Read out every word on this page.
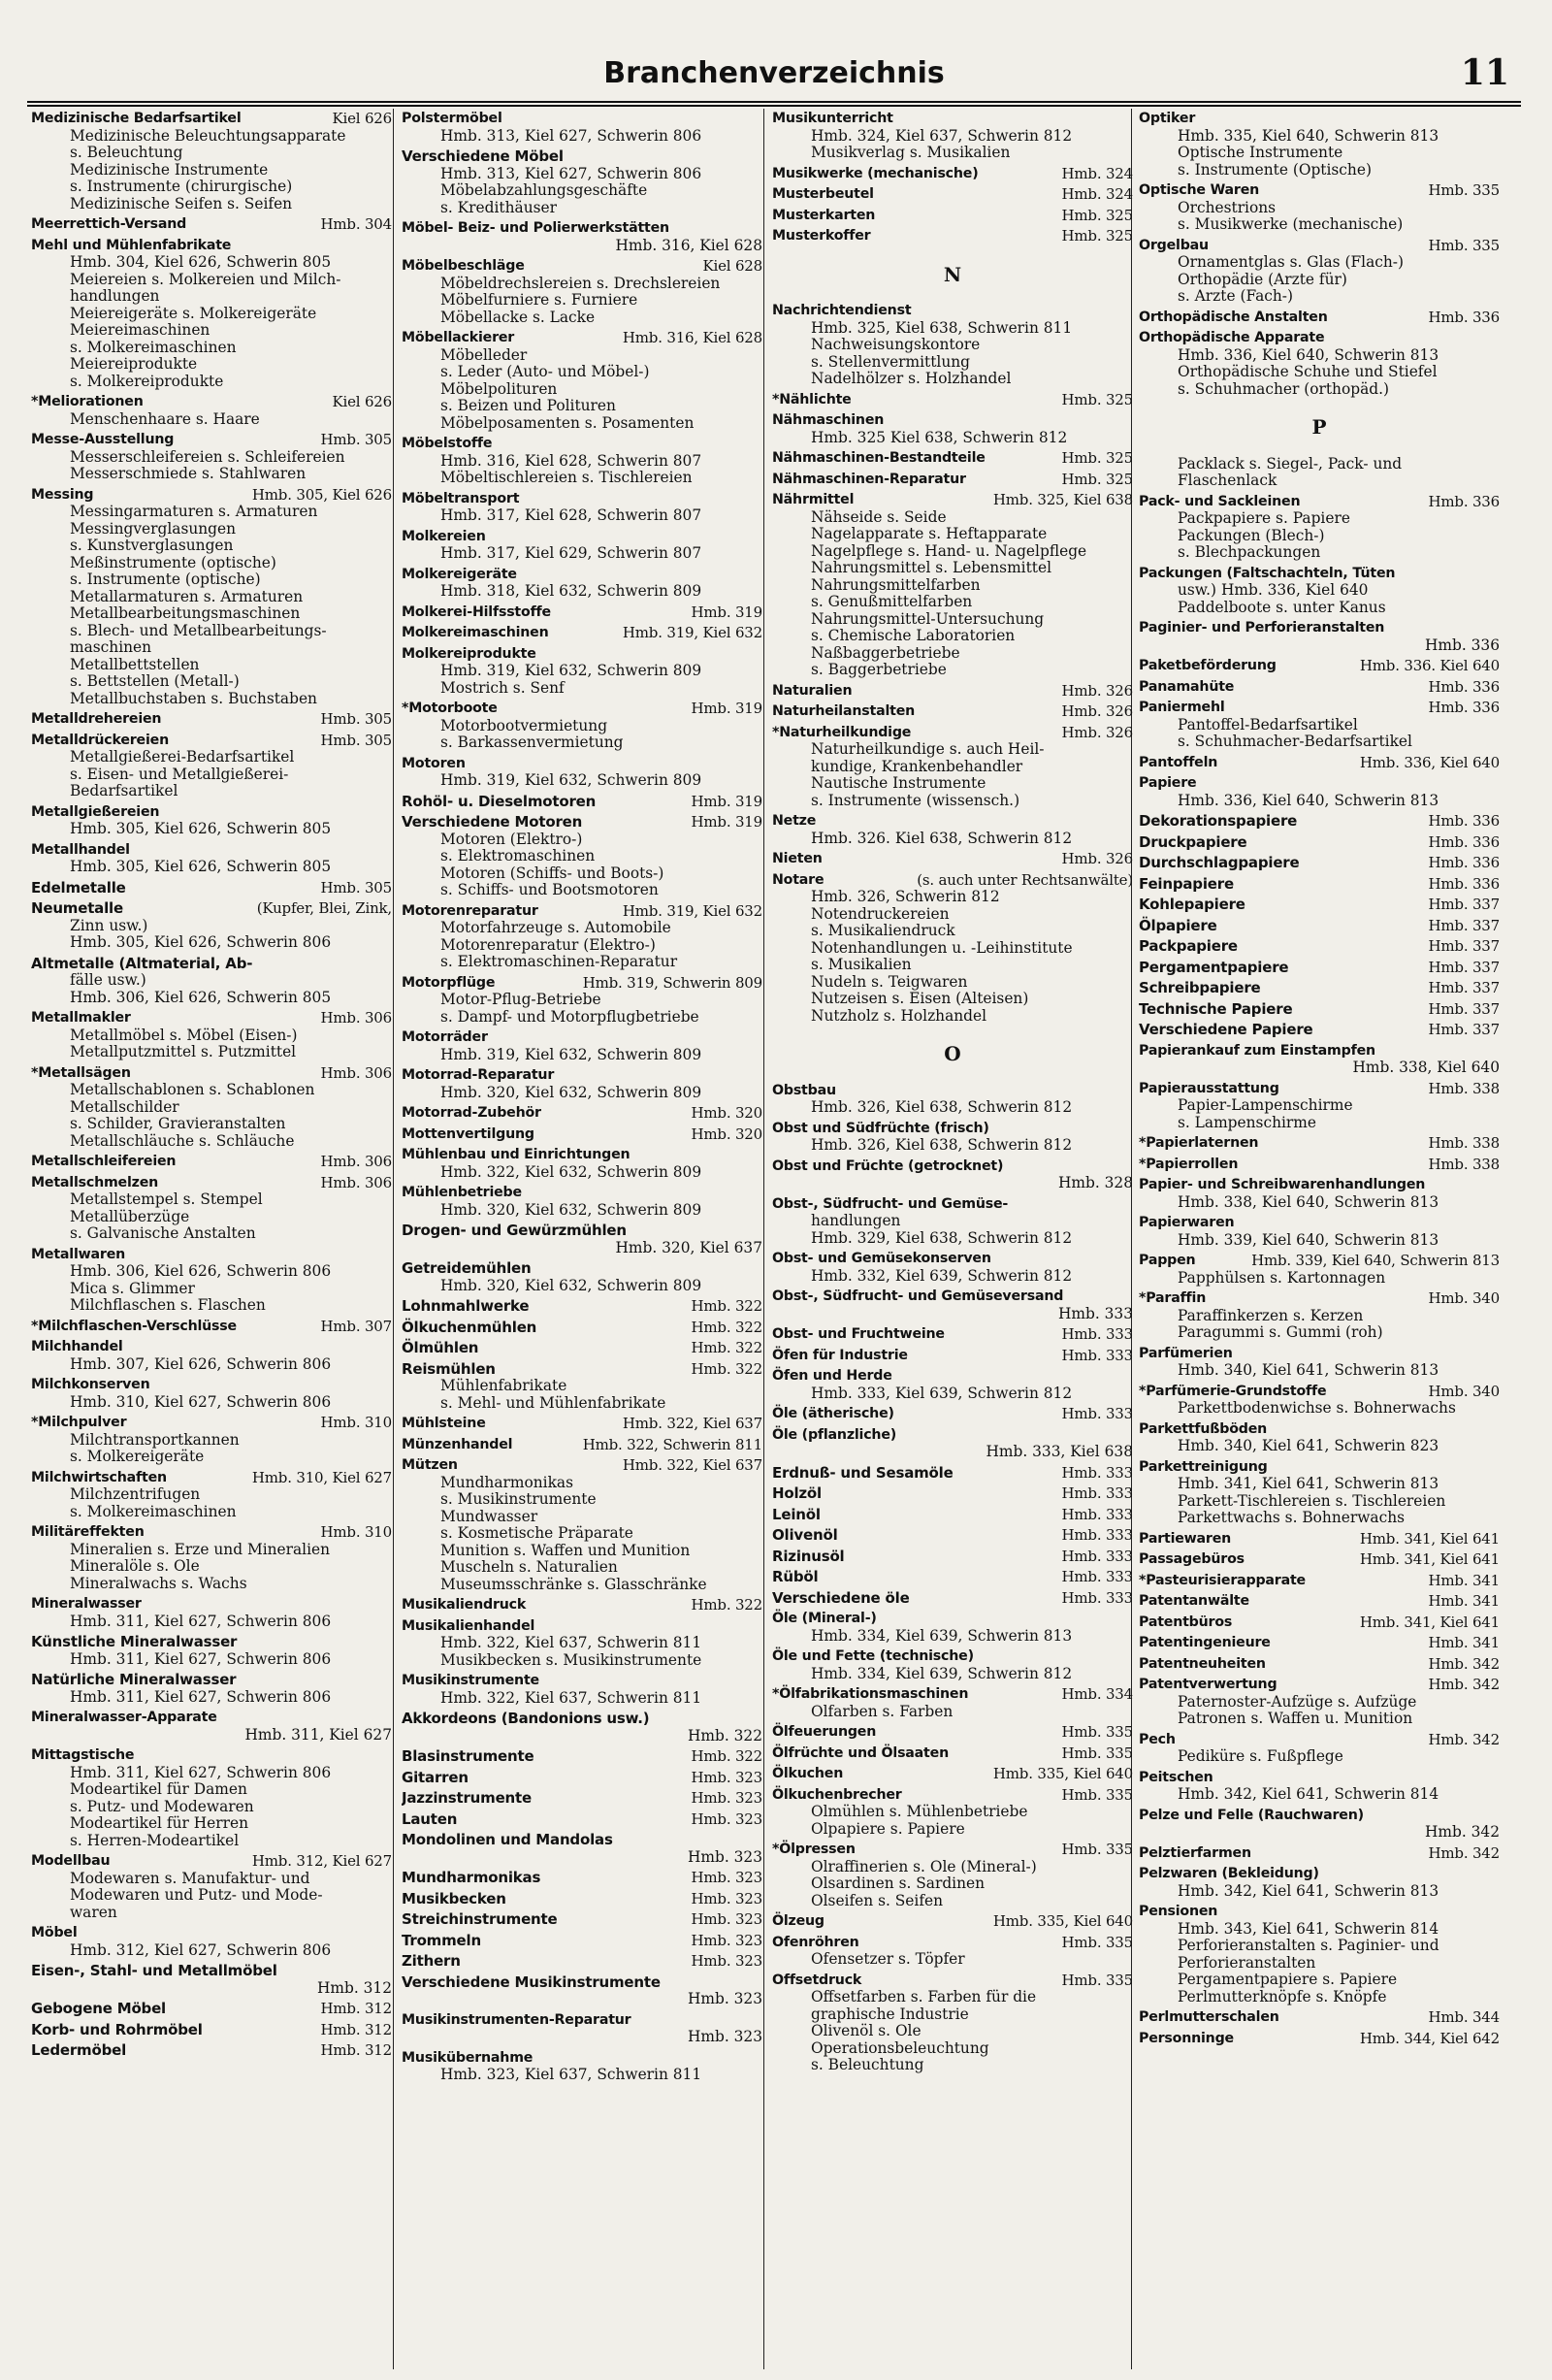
Branchenverzeichnis	11
Medizinische Bedarfsartikel	Kiel 626
Medizinische Beleuchtungsapparate
s. Beleuchtung
Medizinische Instrumente
s. Instrumente (chirurgische)
Medizinische Seifen s. Seifen
Meerrettich-Versand	Hmb. 304
Mehl und Mühlenfabrikate
Hmb. 304, Kiel 626, Schwerin 805
Meiereien s. Molkereien und Milch-
handlungen
Meiereigeräte s. Molkereigeräte
Meiereimaschinen
s. Molkereimaschinen
Meiereiprodukte
s. Molkereiprodukte
*Meliorationen	Kiel 626
Menschenhaare s. Haare
Messe-Ausstellung	Hmb. 305
Messerschleifereien s. Schleifereien
Messerschmiede s. Stahlwaren
Messing	Hmb. 305, Kiel 626
Messingarmaturen s. Armaturen
Messingverglasungen
s. Kunstverglasungen
Meßinstrumente (optische)
s. Instrumente (optische)
Metallarmaturen s. Armaturen
Metallbearbeitungsmaschinen
s. Blech- und Metallbearbeitungs-
maschinen
Metallbettstellen
s. Bettstellen (Metall-)
Metallbuchstaben s. Buchstaben
Metalldrehereien	Hmb. 305
Metalldrückereien	Hmb. 305
Metallgießerei-Bedarfsartikel
s. Eisen- und Metallgießerei-
Bedarfsartikel
Metallgießereien
Hmb. 305, Kiel 626, Schwerin 805
Metallhandel
Hmb. 305, Kiel 626, Schwerin 805
Edelmetalle	Hmb. 305
Neumetalle	(Kupfer, Blei, Zink,
Zinn usw.)
Hmb. 305, Kiel 626, Schwerin 806
Altmetalle (Altmaterial, Ab-
fälle usw.)
Hmb. 306, Kiel 626, Schwerin 805
Metallmakler	Hmb. 306
Metallmöbel s. Möbel (Eisen-)
Metallputzmittel s. Putzmittel
*Metallsägen	Hmb. 306
Metallschablonen s. Schablonen
Metallschilder
s. Schilder, Gravieranstalten
Metallschläuche s. Schläuche
Metallschleifereien	Hmb. 306
Metallschmelzen	Hmb. 306
Metallstempel s. Stempel
Metallüberzüge
s. Galvanische Anstalten
Metallwaren
Hmb. 306, Kiel 626, Schwerin 806
Mica s. Glimmer
Milchflaschen s. Flaschen
*Milchflaschen-Verschlüsse	Hmb. 307
Milchhandel
Hmb. 307, Kiel 626, Schwerin 806
Milchkonserven
Hmb. 310, Kiel 627, Schwerin 806
*Milchpulver	Hmb. 310
Milchtransportkannen
s. Molkereigeräte
Milchwirtschaften	Hmb. 310, Kiel 627
Milchzentrifugen
s. Molkereimaschinen
Militäreffekten	Hmb. 310
Mineralien s. Erze und Mineralien
Mineralöle s. Öle
Mineralwachs s. Wachs
Mineralwasser
Hmb. 311, Kiel 627, Schwerin 806
Künstliche Mineralwasser
Hmb. 311, Kiel 627, Schwerin 806
Natürliche Mineralwasser
Hmb. 311, Kiel 627, Schwerin 806
Mineralwasser-Apparate
Hmb. 311, Kiel 627
Mittagstische
Hmb. 311, Kiel 627, Schwerin 806
Modeartikel für Damen
s. Putz- und Modewaren
Modeartikel für Herren
s. Herren-Modeartikel
Modellbau	Hmb. 312, Kiel 627
Modewaren s. Manufaktur- und
Modewaren und Putz- und Mode-
waren
Möbel
Hmb. 312, Kiel 627, Schwerin 806
Eisen-, Stahl- und Metallmöbel
Hmb. 312
Gebogene Möbel	Hmb. 312
Korb- und Rohrmöbel	Hmb. 312
Ledermöbel	Hmb. 312
Polstermöbel
Hmb. 313, Kiel 627, Schwerin 806
Verschiedene Möbel
Hmb. 313, Kiel 627, Schwerin 806
Möbelabzahlungsgeschäfte
s. Kredithäuser
Möbel- Beiz- und Polierwerkstätten
Hmb. 316, Kiel 628
Möbelbeschläge	Kiel 628
Möbeldrechslereien s. Drechslereien
Möbelfurniere s. Furniere
Möbellacke s. Lacke
Möbellackierer	Hmb. 316, Kiel 628
Möbelleder
s. Leder (Auto- und Möbel-)
Möbelpolituren
s. Beizen und Polituren
Möbelposamenten s. Posamenten
Möbelstoffe
Hmb. 316, Kiel 628, Schwerin 807
Möbeltischlereien s. Tischlereien
Möbeltransport
Hmb. 317, Kiel 628, Schwerin 807
Molkereien
Hmb. 317, Kiel 629, Schwerin 807
Molkereigeräte
Hmb. 318, Kiel 632, Schwerin 809
Molkerei-Hilfsstoffe	Hmb. 319
Molkereimaschinen	Hmb. 319, Kiel 632
Molkereiprodukte
Hmb. 319, Kiel 632, Schwerin 809
Mostrich s. Senf
*Motorboote	Hmb. 319
Motorbootvermietung
s. Barkassenvermietung
Motoren
Hmb. 319, Kiel 632, Schwerin 809
Rohöl- u. Dieselmotoren	Hmb. 319
Verschiedene Motoren	Hmb. 319
Motoren (Elektro-)
s. Elektromaschinen
Motoren (Schiffs- und Boots-)
s. Schiffs- und Bootsmotoren
Motorenreparatur	Hmb. 319, Kiel 632
Motorfahrzeuge s. Automobile
Motorenreparatur (Elektro-)
s. Elektromaschinen-Reparatur
Motorpflüge	Hmb. 319, Schwerin 809
Motor-Pflug-Betriebe
s. Dampf- und Motorpflugbetriebe
Motorräder
Hmb. 319, Kiel 632, Schwerin 809
Motorrad-Reparatur
Hmb. 320, Kiel 632, Schwerin 809
Motorrad-Zubehör	Hmb. 320
Mottenvertilgung	Hmb. 320
Mühlenbau und Einrichtungen
Hmb. 322, Kiel 632, Schwerin 809
Mühlenbetriebe
Hmb. 320, Kiel 632, Schwerin 809
Drogen- und Gewürzmühlen
Hmb. 320, Kiel 637
Getreidemühlen
Hmb. 320, Kiel 632, Schwerin 809
Lohnmahlwerke	Hmb. 322
Ölkuchenmühlen	Hmb. 322
Ölmühlen	Hmb. 322
Reismühlen	Hmb. 322
Mühlenfabrikate
s. Mehl- und Mühlenfabrikate
Mühlsteine	Hmb. 322, Kiel 637
Münzenhandel	Hmb. 322, Schwerin 811
Mützen	Hmb. 322, Kiel 637
Mundharmonikas
s. Musikinstrumente
Mundwasser
s. Kosmetische Präparate
Munition s. Waffen und Munition
Muscheln s. Naturalien
Museumsschränke s. Glasschränke
Musikaliendruck	Hmb. 322
Musikalienhandel
Hmb. 322, Kiel 637, Schwerin 811
Musikbecken s. Musikinstrumente
Musikinstrumente
Hmb. 322, Kiel 637, Schwerin 811
Akkordeons (Bandonions usw.)
Hmb. 322
Blasinstrumente	Hmb. 322
Gitarren	Hmb. 323
Jazzinstrumente	Hmb. 323
Lauten	Hmb. 323
Mondolinen und Mandolas
Hmb. 323
Mundharmonikas	Hmb. 323
Musikbecken	Hmb. 323
Streichinstrumente	Hmb. 323
Trommeln	Hmb. 323
Zithern	Hmb. 323
Verschiedene Musikinstrumente
Hmb. 323
Musikinstrumenten-Reparatur
Hmb. 323
Musikübernahme
Hmb. 323, Kiel 637, Schwerin 811
Musikunterricht
Hmb. 324, Kiel 637, Schwerin 812
Musikverlag s. Musikalien
Musikwerke (mechanische)	Hmb. 324
Musterbeutel	Hmb. 324
Musterkarten	Hmb. 325
Musterkoffer	Hmb. 325
N
Nachrichtendienst
Hmb. 325, Kiel 638, Schwerin 811
Nachweisungskontore
s. Stellenvermittlung
Nadelhölzer s. Holzhandel
*Nählichte	Hmb. 325
Nähmaschinen
Hmb. 325 Kiel 638, Schwerin 812
Nähmaschinen-Bestandteile	Hmb. 325
Nähmaschinen-Reparatur	Hmb. 325
Nährmittel	Hmb. 325, Kiel 638
Nähseide s. Seide
Nagelapparate s. Heftapparate
Nagelpflege s. Hand- u. Nagelpflege
Nahrungsmittel s. Lebensmittel
Nahrungsmittelfarben
s. Genußmittelfarben
Nahrungsmittel-Untersuchung
s. Chemische Laboratorien
Naßbaggerbetriebe
s. Baggerbetriebe
Naturalien	Hmb. 326
Naturheilanstalten	Hmb. 326
*Naturheilkundige	Hmb. 326
Naturheilkundige s. auch Heil-
kundige, Krankenbehandler
Nautische Instrumente
s. Instrumente (wissensch.)
Netze
Hmb. 326. Kiel 638, Schwerin 812
Nieten	Hmb. 326
Notare	(s. auch unter Rechtsanwälte)
Hmb. 326, Schwerin 812
Notendruckereien
s. Musikaliendruck
Notenhandlungen u. -Leihinstitute
s. Musikalien
Nudeln s. Teigwaren
Nutzeisen s. Eisen (Alteisen)
Nutzholz s. Holzhandel
O
Obstbau
Hmb. 326, Kiel 638, Schwerin 812
Obst und Südfrüchte (frisch)
Hmb. 326, Kiel 638, Schwerin 812
Obst und Früchte (getrocknet)
Hmb. 328
Obst-, Südfrucht- und Gemüse-
handlungen
Hmb. 329, Kiel 638, Schwerin 812
Obst- und Gemüsekonserven
Hmb. 332, Kiel 639, Schwerin 812
Obst-, Südfrucht- und Gemüseversand
Hmb. 333
Obst- und Fruchtweine	Hmb. 333
Öfen für Industrie	Hmb. 333
Öfen und Herde
Hmb. 333, Kiel 639, Schwerin 812
Öle (ätherische)	Hmb. 333
Öle (pflanzliche)
Hmb. 333, Kiel 638
Erdnuß- und Sesamöle	Hmb. 333
Holzöl	Hmb. 333
Leinöl	Hmb. 333
Olivenöl	Hmb. 333
Rizinusöl	Hmb. 333
Rüböl	Hmb. 333
Verschiedene öle	Hmb. 333
Öle (Mineral-)
Hmb. 334, Kiel 639, Schwerin 813
Öle und Fette (technische)
Hmb. 334, Kiel 639, Schwerin 812
*Ölfabrikationsmaschinen	Hmb. 334
Ölfarben s. Farben
Ölfeuerungen	Hmb. 335
Ölfrüchte und Ölsaaten	Hmb. 335
Ölkuchen	Hmb. 335, Kiel 640
Ölkuchenbrecher	Hmb. 335
Ölmühlen s. Mühlenbetriebe
Ölpapiere s. Papiere
*Ölpressen	Hmb. 335
Ölraffinerien s. Öle (Mineral-)
Ölsardinen s. Sardinen
Ölseifen s. Seifen
Ölzeug	Hmb. 335, Kiel 640
Ofenröhren	Hmb. 335
Ofensetzer s. Töpfer
Offsetdruck	Hmb. 335
Offsetfarben s. Farben für die
graphische Industrie
Olivenöl s. Öle
Operationsbeleuchtung
s. Beleuchtung
Optiker
Hmb. 335, Kiel 640, Schwerin 813
Optische Instrumente
s. Instrumente (Optische)
Optische Waren	Hmb. 335
Orchestrions
s. Musikwerke (mechanische)
Orgelbau	Hmb. 335
Ornamentglas s. Glas (Flach-)
Orthopädie (Ärzte für)
s. Ärzte (Fach-)
Orthopädische Anstalten	Hmb. 336
Orthopädische Apparate
Hmb. 336, Kiel 640, Schwerin 813
Orthopädische Schuhe und Stiefel
s. Schuhmacher (orthopäd.)
P
Packlack s. Siegel-, Pack- und
Flaschenlack
Pack- und Sackleinen	Hmb. 336
Packpapiere s. Papiere
Packungen (Blech-)
s. Blechpackungen
Packungen (Faltschachteln, Tüten
usw.) Hmb. 336, Kiel 640
Paddelboote s. unter Kanus
Paginier- und Perforieranstalten
Hmb. 336
Paketbeförderung	Hmb. 336. Kiel 640
Panamahüte	Hmb. 336
Paniermehl	Hmb. 336
Pantoffel-Bedarfsartikel
s. Schuhmacher-Bedarfsartikel
Pantoffeln	Hmb. 336, Kiel 640
Papiere
Hmb. 336, Kiel 640, Schwerin 813
Dekorationspapiere	Hmb. 336
Druckpapiere	Hmb. 336
Durchschlagpapiere	Hmb. 336
Feinpapiere	Hmb. 336
Kohlepapiere	Hmb. 337
Ölpapiere	Hmb. 337
Packpapiere	Hmb. 337
Pergamentpapiere	Hmb. 337
Schreibpapiere	Hmb. 337
Technische Papiere	Hmb. 337
Verschiedene Papiere	Hmb. 337
Papierankauf zum Einstampfen
Hmb. 338, Kiel 640
Papierausstattung	Hmb. 338
Papier-Lampenschirme
s. Lampenschirme
*Papierlaternen	Hmb. 338
*Papierrollen	Hmb. 338
Papier- und Schreibwarenhandlungen
Hmb. 338, Kiel 640, Schwerin 813
Papierwaren
Hmb. 339, Kiel 640, Schwerin 813
Pappen	Hmb. 339, Kiel 640, Schwerin 813
Papphülsen s. Kartonnagen
*Paraffin	Hmb. 340
Paraffinkerzen s. Kerzen
Paragummi s. Gummi (roh)
Parfümerien
Hmb. 340, Kiel 641, Schwerin 813
*Parfümerie-Grundstoffe	Hmb. 340
Parkettbodenwichse s. Bohnerwachs
Parkettfußböden
Hmb. 340, Kiel 641, Schwerin 823
Parkettreinigung
Hmb. 341, Kiel 641, Schwerin 813
Parkett-Tischlereien s. Tischlereien
Parkettwachs s. Bohnerwachs
Partiewaren	Hmb. 341, Kiel 641
Passagebüros	Hmb. 341, Kiel 641
*Pasteurisierapparate	Hmb. 341
Patentanwälte	Hmb. 341
Patentbüros	Hmb. 341, Kiel 641
Patentingenieure	Hmb. 341
Patentneuheiten	Hmb. 342
Patentverwertung	Hmb. 342
Paternoster-Aufzüge s. Aufzüge
Patronen s. Waffen u. Munition
Pech	Hmb. 342
Pediküre s. Fußpflege
Peitschen
Hmb. 342, Kiel 641, Schwerin 814
Pelze und Felle (Rauchwaren)
Hmb. 342
Pelztierfarmen	Hmb. 342
Pelzwaren (Bekleidung)
Hmb. 342, Kiel 641, Schwerin 813
Pensionen
Hmb. 343, Kiel 641, Schwerin 814
Perforieranstalten s. Paginier- und
Perforieranstalten
Pergamentpapiere s. Papiere
Perlmutterknöpfe s. Knöpfe
Perlmutterschalen	Hmb. 344
Personninge	Hmb. 344, Kiel 642
